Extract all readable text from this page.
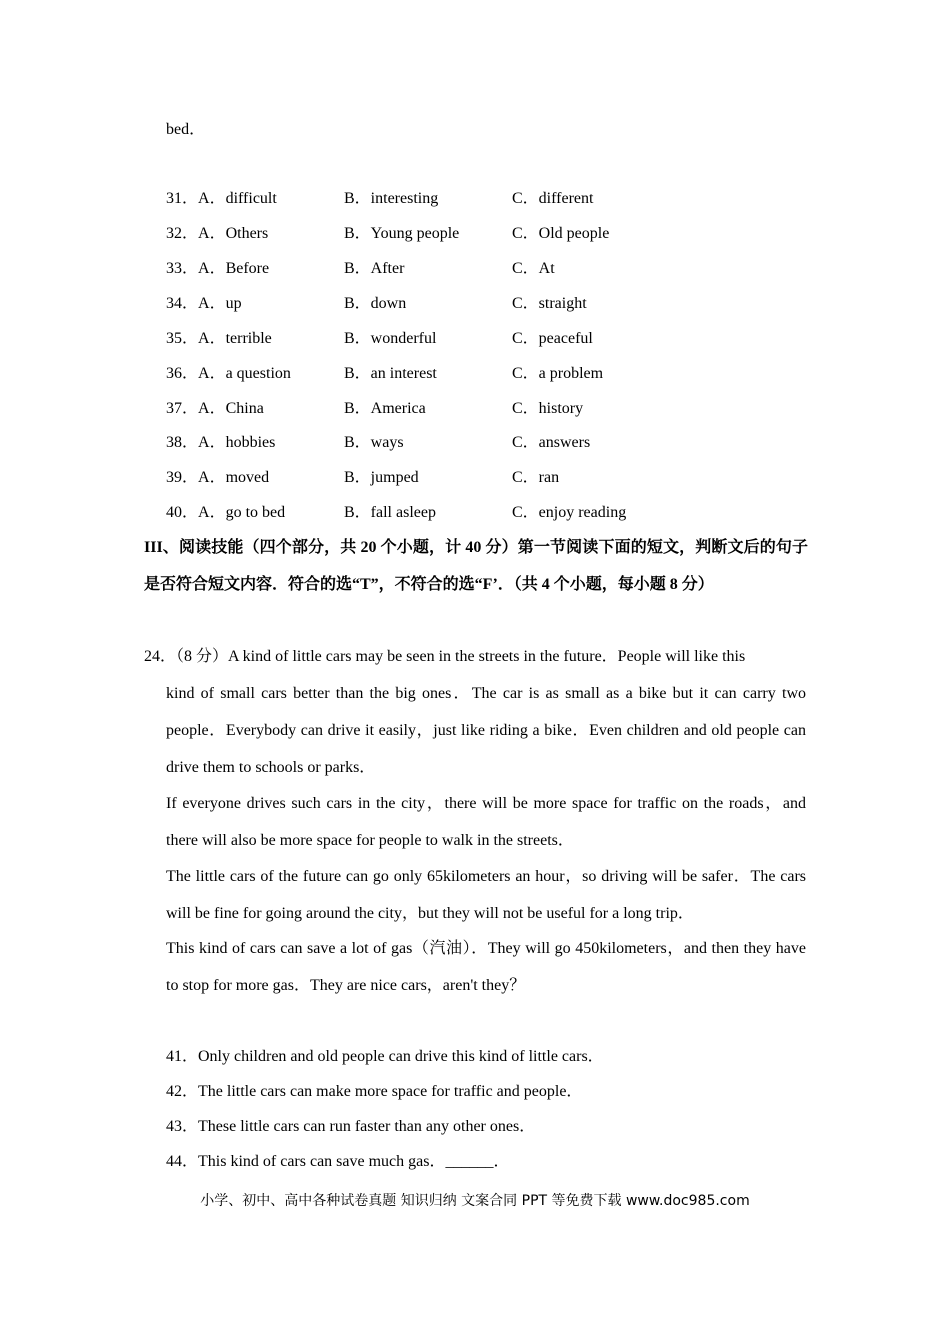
bed．
31．A．difficult	B．interesting	C．different
32．A．Others	B．Young people	C．Old people
33．A．Before	B．After	C．At
34．A．up	B．down	C．straight
35．A．terrible	B．wonderful	C．peaceful
36．A．a question	B．an interest	C．a problem
37．A．China	B．America	C．history
38．A．hobbies	B．ways	C．answers
39．A．moved	B．jumped	C．ran
40．A．go to bed	B．fall asleep	C．enjoy reading
III、阅读技能（四个部分，共 20 个小题，计 40 分）第一节阅读下面的短文，判断文后的句子是否符合短文内容．符合的选“T”，不符合的选“F’．（共 4 个小题，每小题 8 分）
24．（8 分）A kind of little cars may be seen in the streets in the future．People will like this
kind of small cars better than the big ones．The car is as small as a bike but it can carry two people．Everybody can drive it easily，just like riding a bike．Even children and old people can drive them to schools or parks．
If everyone drives such cars in the city，there will be more space for traffic on the roads，and there will also be more space for people to walk in the streets．
The little cars of the future can go only 65kilometers an hour，so driving will be safer．The cars will be fine for going around the city，but they will not be useful for a long trip．
This kind of cars can save a lot of gas（汽油）．They will go 450kilometers，and then they have to stop for more gas．They are nice cars，aren't they？
41．Only children and old people can drive this kind of little cars．
42．The little cars can make more space for traffic and people．
43．These little cars can run faster than any other ones．
44．This kind of cars can save much gas．______．
小学、初中、高中各种试卷真题 知识归纳 文案合同 PPT 等免费下载 www.doc985.com
